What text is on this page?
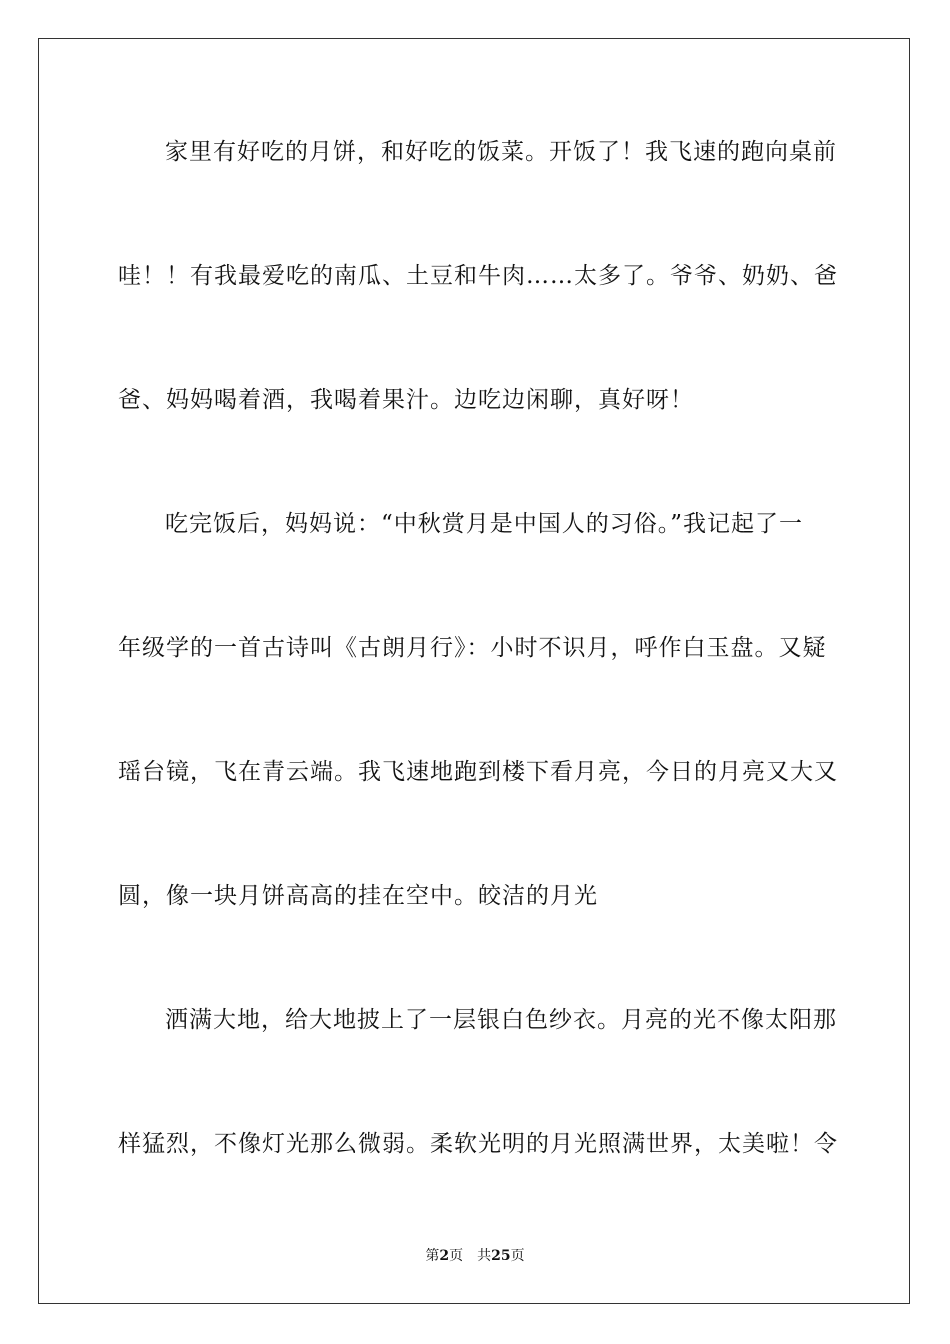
家里有好吃的月饼，和好吃的饭菜。开饭了！我飞速的跑向桌前
哇！！有我最爱吃的南瓜、土豆和牛肉……太多了。爷爷、奶奶、爸
爸、妈妈喝着酒，我喝着果汁。边吃边闲聊，真好呀！
吃完饭后，妈妈说：“中秋赏月是中国人的习俗。”我记起了一
年级学的一首古诗叫《古朗月行》：小时不识月，呼作白玉盘。又疑
瑶台镜，飞在青云端。我飞速地跑到楼下看月亮，今日的月亮又大又
圆，像一块月饼高高的挂在空中。皎洁的月光
洒满大地，给大地披上了一层银白色纱衣。月亮的光不像太阳那
样猛烈，不像灯光那么微弱。柔软光明的月光照满世界，太美啦！令
第2页 共25页
